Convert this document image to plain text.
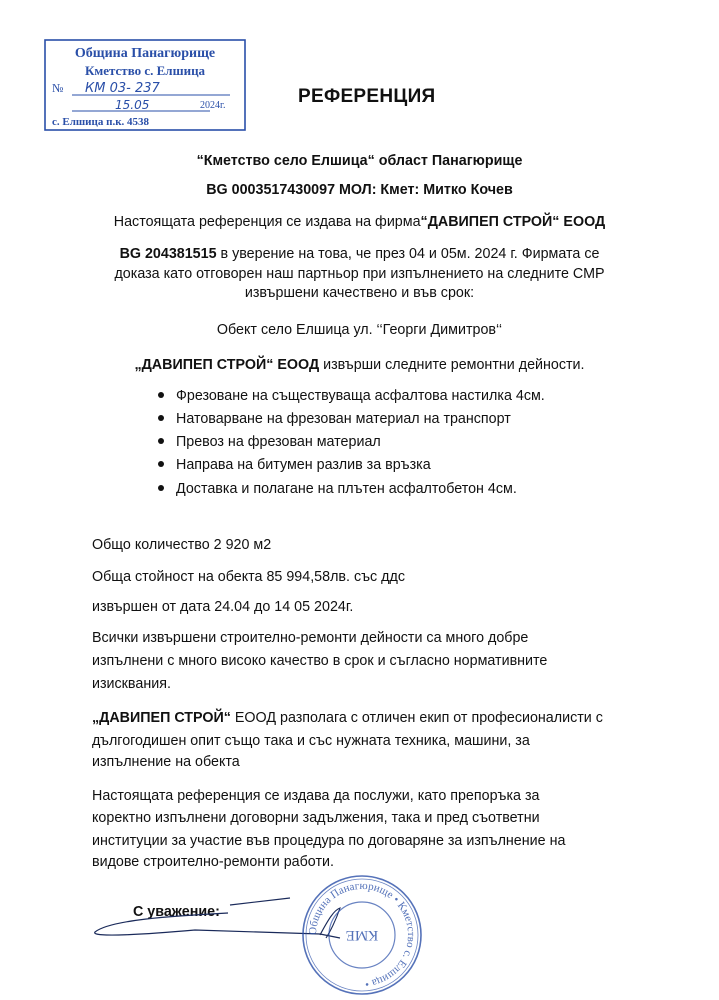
Община Панагюрище
Кметство с. Елшица
№ КМ 03- 237
15.05	2024г.
с. Елшица п.к. 4538
РЕФЕРЕНЦИЯ
“Кметство село Елшица“ област Панагюрище
BG 0003517430097 МОЛ: Кмет: Митко Кочев
Настоящата референция се издава на фирма“ДАВИПЕП СТРОЙ“ ЕООД
BG 204381515 в уверение на това, че през 04 и 05м. 2024 г. Фирмата се
доказа като отговорен наш партньор при изпълнението на следните СМР
извършени качествено и във срок:
Обект село Елшица ул. ‘‘Георги Димитров‘‘
„ДАВИПЕП СТРОЙ“ ЕООД извърши следните ремонтни дейности.
Фрезоване на съществуваща асфалтова настилка 4см.
Натоварване на фрезован материал на транспорт
Превоз на фрезован материал
Направа на битумен разлив за връзка
Доставка и полагане на плътен асфалтобетон 4см.
Общо количество 2 920 м2
Обща стойност на обекта 85 994,58лв. със ддс
извършен от дата 24.04 до 14 05 2024г.
Всички извършени строително-ремонти дейности са много добре
изпълнени с много високо качество в срок и съгласно нормативните
изисквания.
„ДАВИПЕП СТРОЙ“ ЕООД разполага с отличен екип от професионалисти с
дългогодишен опит също така и със нужната техника, машини, за
изпълнение на обекта
Настоящата референция се издава да послужи, като препоръка за
коректно изпълнени договорни задължения, така и пред съответни
институции за участие във процедура по договаряне за изпълнение на
видове строително-ремонти работи.
С уважение:
Община Панагюрище • Кметство с. Елшица •
КМЕ
